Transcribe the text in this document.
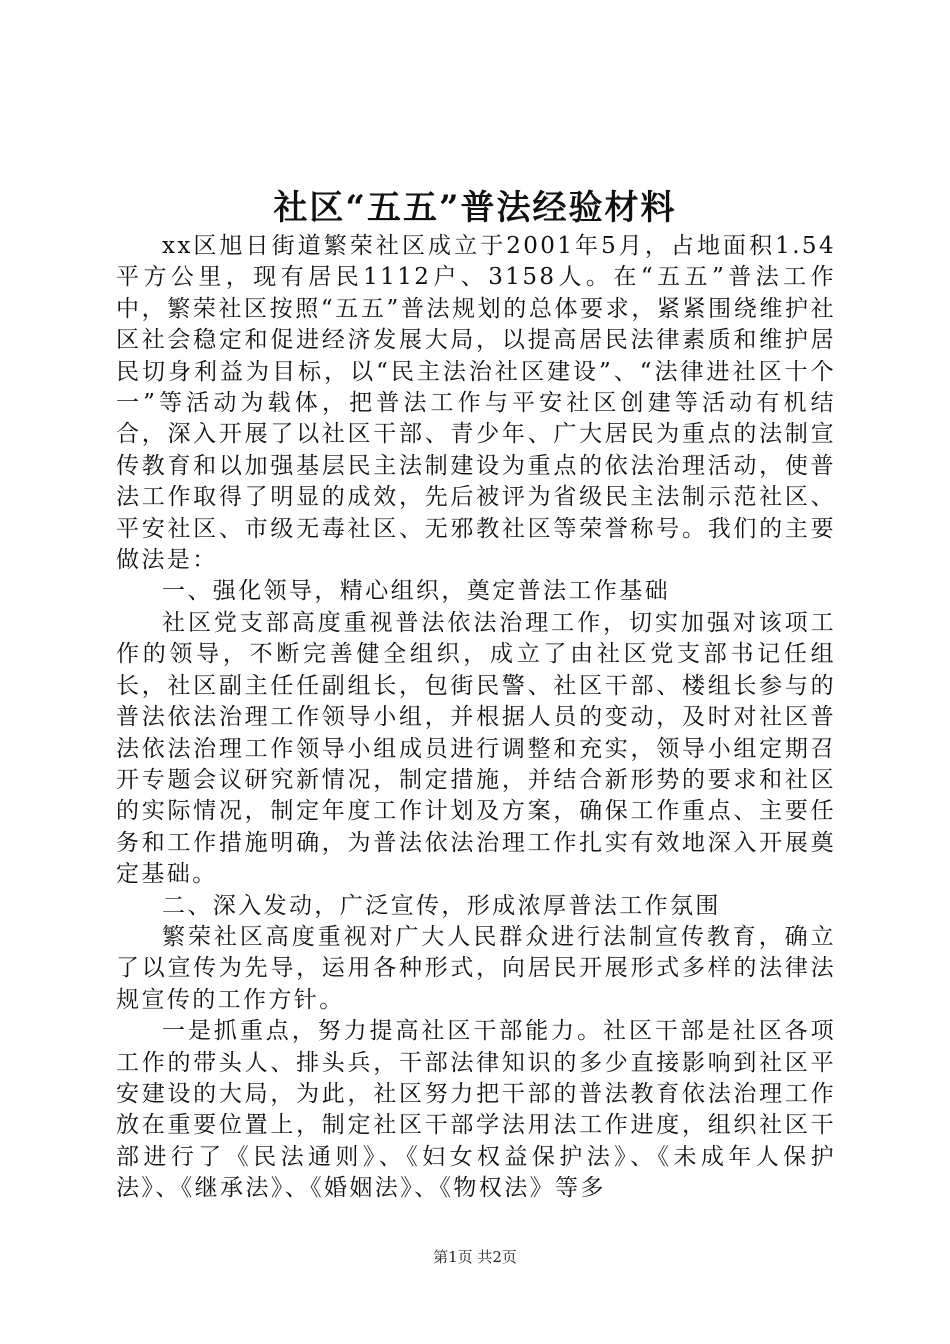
社区“五五”普法经验材料

xx区旭日街道繁荣社区成立于2001年5月，占地面积1.54平方公里，现有居民1112户、3158人。在“五五”普法工作中，繁荣社区按照“五五”普法规划的总体要求，紧紧围绕维护社区社会稳定和促进经济发展大局，以提高居民法律素质和维护居民切身利益为目标，以“民主法治社区建设”、“法律进社区十个一”等活动为载体，把普法工作与平安社区创建等活动有机结合，深入开展了以社区干部、青少年、广大居民为重点的法制宣传教育和以加强基层民主法制建设为重点的依法治理活动，使普法工作取得了明显的成效，先后被评为省级民主法制示范社区、平安社区、市级无毒社区、无邪教社区等荣誉称号。我们的主要做法是：

一、强化领导，精心组织，奠定普法工作基础

社区党支部高度重视普法依法治理工作，切实加强对该项工作的领导，不断完善健全组织，成立了由社区党支部书记任组长，社区副主任任副组长，包街民警、社区干部、楼组长参与的普法依法治理工作领导小组，并根据人员的变动，及时对社区普法依法治理工作领导小组成员进行调整和充实，领导小组定期召开专题会议研究新情况，制定措施，并结合新形势的要求和社区的实际情况，制定年度工作计划及方案，确保工作重点、主要任务和工作措施明确，为普法依法治理工作扎实有效地深入开展奠定基础。

二、深入发动，广泛宣传，形成浓厚普法工作氛围

繁荣社区高度重视对广大人民群众进行法制宣传教育，确立了以宣传为先导，运用各种形式，向居民开展形式多样的法律法规宣传的工作方针。

一是抓重点，努力提高社区干部能力。社区干部是社区各项工作的带头人、排头兵，干部法律知识的多少直接影响到社区平安建设的大局，为此，社区努力把干部的普法教育依法治理工作放在重要位置上，制定社区干部学法用法工作进度，组织社区干部进行了《民法通则》、《妇女权益保护法》、《未成年人保护法》、《继承法》、《婚姻法》、《物权法》等多

第1页 共2页
